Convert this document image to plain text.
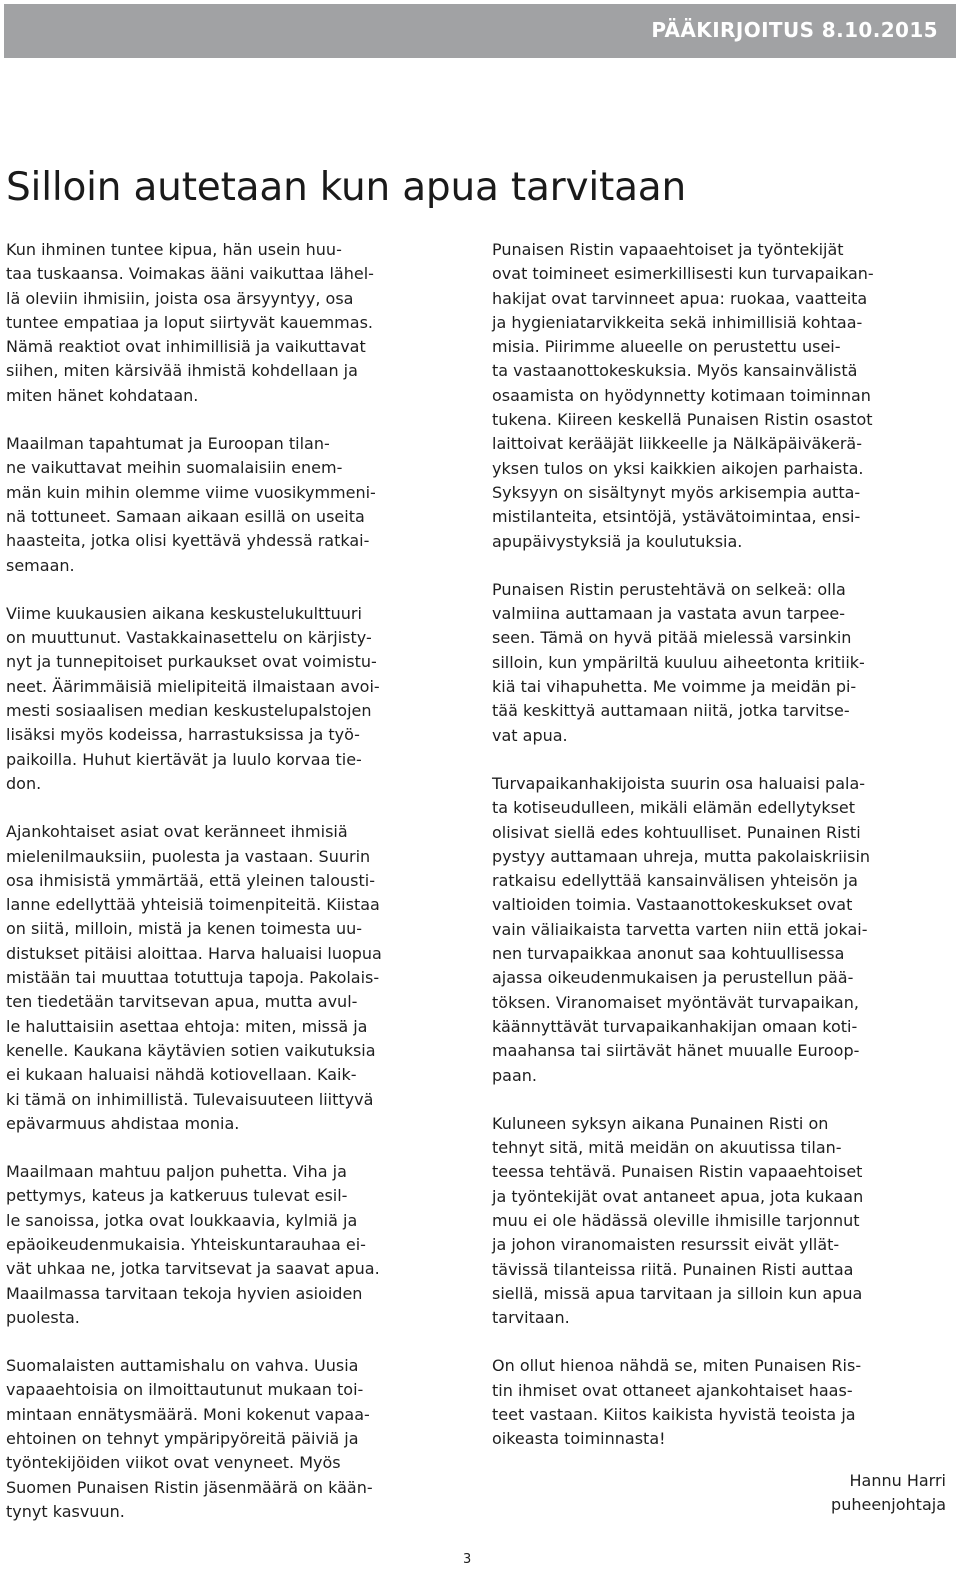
PÄÄKIRJOITUS 8.10.2015
Silloin autetaan kun apua tarvitaan

Kun ihminen tuntee kipua, hän usein huu-
taa tuskaansa. Voimakas ääni vaikuttaa lähel-
lä oleviin ihmisiin, joista osa ärsyyntyy, osa
tuntee empatiaa ja loput siirtyvät kauemmas.
Nämä reaktiot ovat inhimillisiä ja vaikuttavat
siihen, miten kärsivää ihmistä kohdellaan ja
miten hänet kohdataan.

Maailman tapahtumat ja Euroopan tilan-
ne vaikuttavat meihin suomalaisiin enem-
män kuin mihin olemme viime vuosikymmeni-
nä tottuneet. Samaan aikaan esillä on useita
haasteita, jotka olisi kyettävä yhdessä ratkai-
semaan.

Viime kuukausien aikana keskustelukulttuuri
on muuttunut. Vastakkainasettelu on kärjisty-
nyt ja tunnepitoiset purkaukset ovat voimistu-
neet. Äärimmäisiä mielipiteitä ilmaistaan avoi-
mesti sosiaalisen median keskustelupalstojen
lisäksi myös kodeissa, harrastuksissa ja työ-
paikoilla. Huhut kiertävät ja luulo korvaa tie-
don.

Ajankohtaiset asiat ovat keränneet ihmisiä
mielenilmauksiin, puolesta ja vastaan. Suurin
osa ihmisistä ymmärtää, että yleinen talousti-
lanne edellyttää yhteisiä toimenpiteitä. Kiistaa
on siitä, milloin, mistä ja kenen toimesta uu-
distukset pitäisi aloittaa. Harva haluaisi luopua
mistään tai muuttaa totuttuja tapoja. Pakolais-
ten tiedetään tarvitsevan apua, mutta avul-
le haluttaisiin asettaa ehtoja: miten, missä ja
kenelle. Kaukana käytävien sotien vaikutuksia
ei kukaan haluaisi nähdä kotiovellaan. Kaik-
ki tämä on inhimillistä. Tulevaisuuteen liittyvä
epävarmuus ahdistaa monia.

Maailmaan mahtuu paljon puhetta. Viha ja
pettymys, kateus ja katkeruus tulevat esil-
le sanoissa, jotka ovat loukkaavia, kylmiä ja
epäoikeudenmukaisia. Yhteiskuntarauhaa ei-
vät uhkaa ne, jotka tarvitsevat ja saavat apua.
Maailmassa tarvitaan tekoja hyvien asioiden
puolesta.

Suomalaisten auttamishalu on vahva. Uusia
vapaaehtoisia on ilmoittautunut mukaan toi-
mintaan ennätysmäärä. Moni kokenut vapaa-
ehtoinen on tehnyt ympäripyöreitä päiviä ja
työntekijöiden viikot ovat venyneet. Myös
Suomen Punaisen Ristin jäsenmäärä on kään-
tynyt kasvuun.

Punaisen Ristin vapaaehtoiset ja työntekijät
ovat toimineet esimerkillisesti kun turvapaikan-
hakijat ovat tarvinneet apua: ruokaa, vaatteita
ja hygieniatarvikkeita sekä inhimillisiä kohtaa-
misia. Piirimme alueelle on perustettu usei-
ta vastaanottokeskuksia. Myös kansainvälistä
osaamista on hyödynnetty kotimaan toiminnan
tukena. Kiireen keskellä Punaisen Ristin osastot
laittoivat kerääjät liikkeelle ja Nälkäpäiväkerä-
yksen tulos on yksi kaikkien aikojen parhaista.
Syksyyn on sisältynyt myös arkisempia autta-
mistilanteita, etsintöjä, ystävätoimintaa, ensi-
apupäivystyksiä ja koulutuksia.

Punaisen Ristin perustehtävä on selkeä: olla
valmiina auttamaan ja vastata avun tarpee-
seen. Tämä on hyvä pitää mielessä varsinkin
silloin, kun ympäriltä kuuluu aiheetonta kritiik-
kiä tai vihapuhetta. Me voimme ja meidän pi-
tää keskittyä auttamaan niitä, jotka tarvitse-
vat apua.

Turvapaikanhakijoista suurin osa haluaisi pala-
ta kotiseudulleen, mikäli elämän edellytykset
olisivat siellä edes kohtuulliset. Punainen Risti
pystyy auttamaan uhreja, mutta pakolaiskriisin
ratkaisu edellyttää kansainvälisen yhteisön ja
valtioiden toimia. Vastaanottokeskukset ovat
vain väliaikaista tarvetta varten niin että jokai-
nen turvapaikkaa anonut saa kohtuullisessa
ajassa oikeudenmukaisen ja perustellun pää-
töksen. Viranomaiset myöntävät turvapaikan,
käännyttävät turvapaikanhakijan omaan koti-
maahansa tai siirtävät hänet muualle Euroop-
paan.

Kuluneen syksyn aikana Punainen Risti on
tehnyt sitä, mitä meidän on akuutissa tilan-
teessa tehtävä. Punaisen Ristin vapaaehtoiset
ja työntekijät ovat antaneet apua, jota kukaan
muu ei ole hädässä oleville ihmisille tarjonnut
ja johon viranomaisten resurssit eivät yllät-
tävissä tilanteissa riitä. Punainen Risti auttaa
siellä, missä apua tarvitaan ja silloin kun apua
tarvitaan.

On ollut hienoa nähdä se, miten Punaisen Ris-
tin ihmiset ovat ottaneet ajankohtaiset haas-
teet vastaan. Kiitos kaikista hyvistä teoista ja
oikeasta toiminnasta!

Hannu Harri
puheenjohtaja
3
